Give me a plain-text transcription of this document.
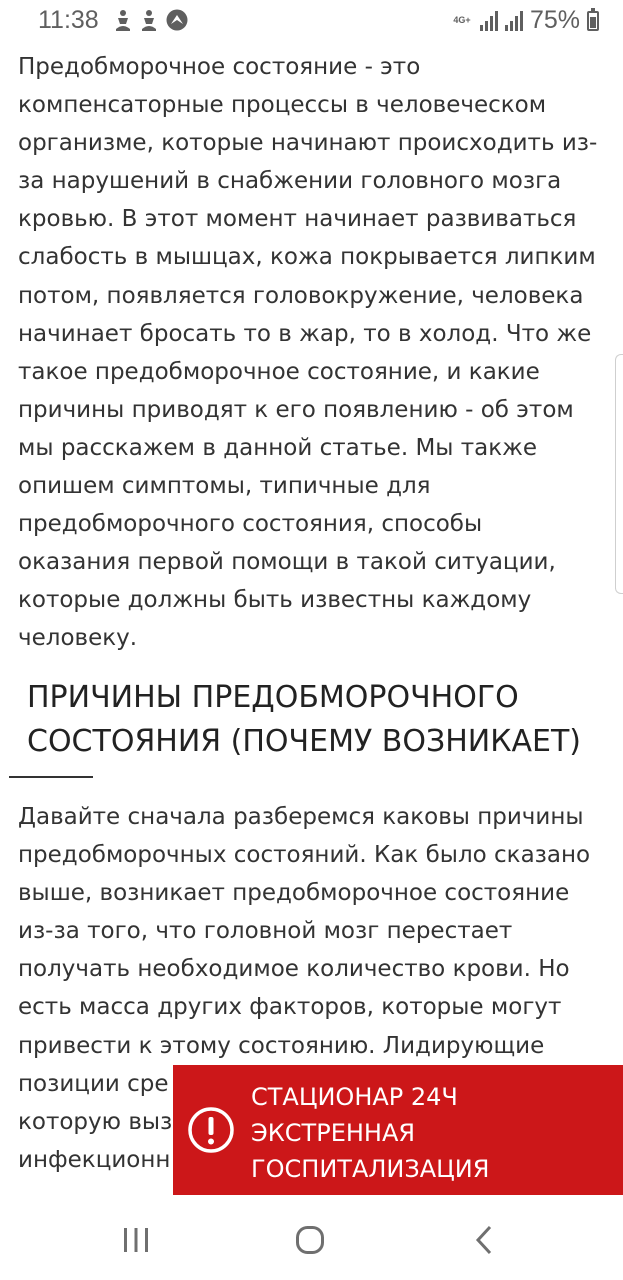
11:38	4G+ 75%

Предобморочное состояние - это
компенсаторные процессы в человеческом
организме, которые начинают происходить из-
за нарушений в снабжении головного мозга
кровью. В этот момент начинает развиваться
слабость в мышцах, кожа покрывается липким
потом, появляется головокружение, человека
начинает бросать то в жар, то в холод. Что же
такое предобморочное состояние, и какие
причины приводят к его появлению - об этом
мы расскажем в данной статье. Мы также
опишем симптомы, типичные для
предобморочного состояния, способы
оказания первой помощи в такой ситуации,
которые должны быть известны каждому
человеку.

ПРИЧИНЫ ПРЕДОБМОРОЧНОГО
СОСТОЯНИЯ (ПОЧЕМУ ВОЗНИКАЕТ)

Давайте сначала разберемся каковы причины
предобморочных состояний. Как было сказано
выше, возникает предобморочное состояние
из-за того, что головной мозг перестает
получать необходимое количество крови. Но
есть масса других факторов, которые могут
привести к этому состоянию. Лидирующие
позиции сре
которую выз
инфекционн

СТАЦИОНАР 24Ч
ЭКСТРЕННАЯ
ГОСПИТАЛИЗАЦИЯ
